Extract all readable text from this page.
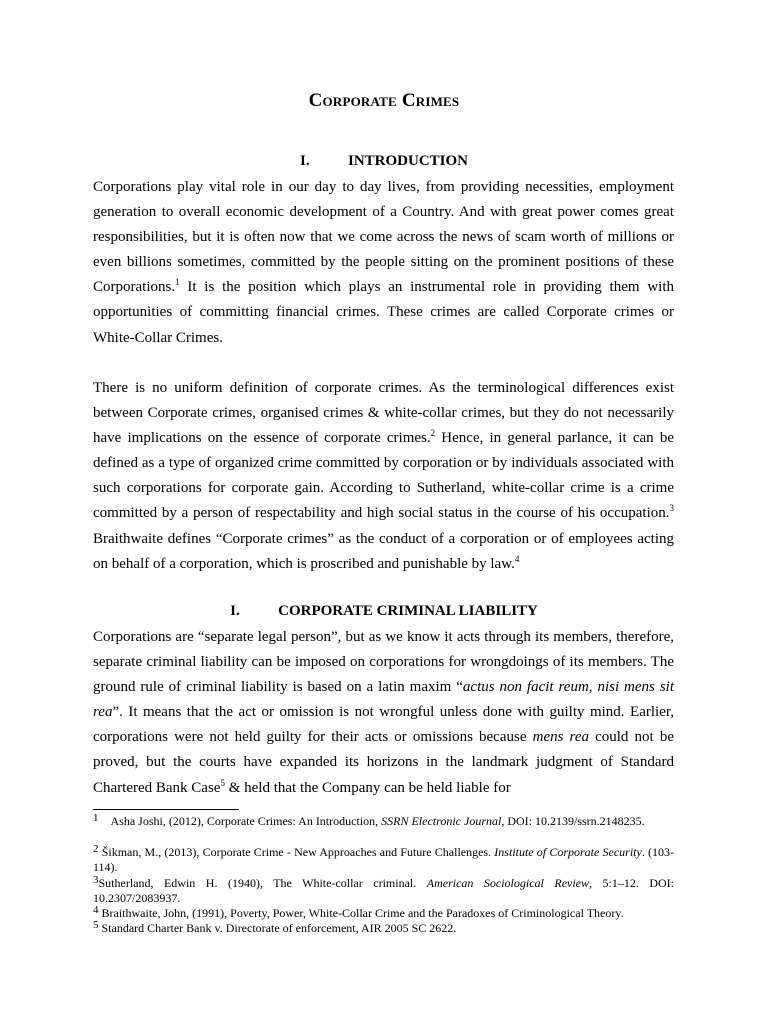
Corporate Crimes
I.	INTRODUCTION

Corporations play vital role in our day to day lives, from providing necessities, employment generation to overall economic development of a Country. And with great power comes great responsibilities, but it is often now that we come across the news of scam worth of millions or even billions sometimes, committed by the people sitting on the prominent positions of these Corporations.$^1$ It is the position which plays an instrumental role in providing them with opportunities of committing financial crimes. These crimes are called Corporate crimes or White-Collar Crimes.

There is no uniform definition of corporate crimes. As the terminological differences exist between Corporate crimes, organised crimes & white-collar crimes, but they do not necessarily have implications on the essence of corporate crimes.$^2$ Hence, in general parlance, it can be defined as a type of organized crime committed by corporation or by individuals associated with such corporations for corporate gain. According to Sutherland, white-collar crime is a crime committed by a person of respectability and high social status in the course of his occupation.$^3$ Braithwaite defines “Corporate crimes” as the conduct of a corporation or of employees acting on behalf of a corporation, which is proscribed and punishable by law.$^4$

I.	CORPORATE CRIMINAL LIABILITY

Corporations are “separate legal person”, but as we know it acts through its members, therefore, separate criminal liability can be imposed on corporations for wrongdoings of its members. The ground rule of criminal liability is based on a latin maxim “actus non facit reum, nisi mens sit rea”. It means that the act or omission is not wrongful unless done with guilty mind. Earlier, corporations were not held guilty for their acts or omissions because mens rea could not be proved, but the courts have expanded its horizons in the landmark judgment of Standard Chartered Bank Case$^5$ & held that the Company can be held liable for

1 Asha Joshi, (2012), Corporate Crimes: An Introduction, SSRN Electronic Journal, DOI: 10.2139/ssrn.2148235.

2 Šikman, M., (2013), Corporate Crime - New Approaches and Future Challenges. Institute of Corporate Security. (103-114).

3Sutherland, Edwin H. (1940), The White-collar criminal. American Sociological Review, 5:1–12. DOI: 10.2307/2083937.

4 Braithwaite, John, (1991), Poverty, Power, White-Collar Crime and the Paradoxes of Criminological Theory.

5 Standard Charter Bank v. Directorate of enforcement, AIR 2005 SC 2622.
